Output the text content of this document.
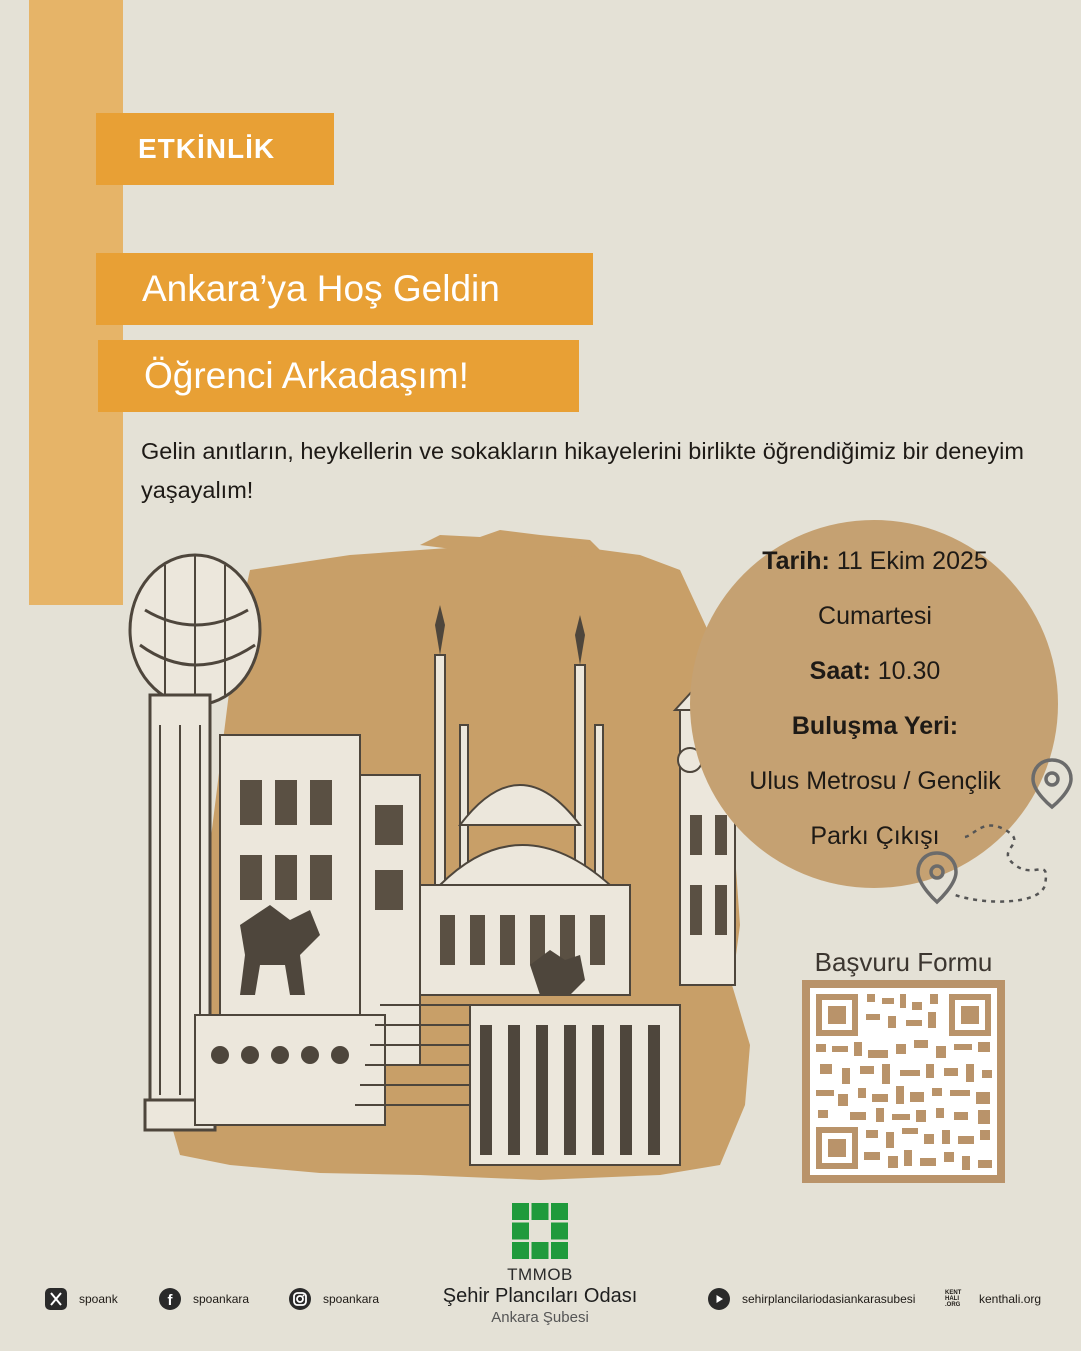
ETKİNLİK
Ankara’ya Hoş Geldin
Öğrenci Arkadaşım!
Gelin anıtların, heykellerin ve sokakların hikayelerini birlikte öğrendiğimiz bir deneyim yaşayalım!
Tarih: 11 Ekim 2025
Cumartesi
Saat: 10.30
Buluşma Yeri:
Ulus Metrosu / Gençlik
Parkı Çıkışı
Başvuru Formu
TMMOB
Şehir Plancıları Odası
Ankara Şubesi
spoank	f spoankara	spoankara	sehirplancilariodasiankarasubesi	KENT HALI .ORG	kenthali.org
